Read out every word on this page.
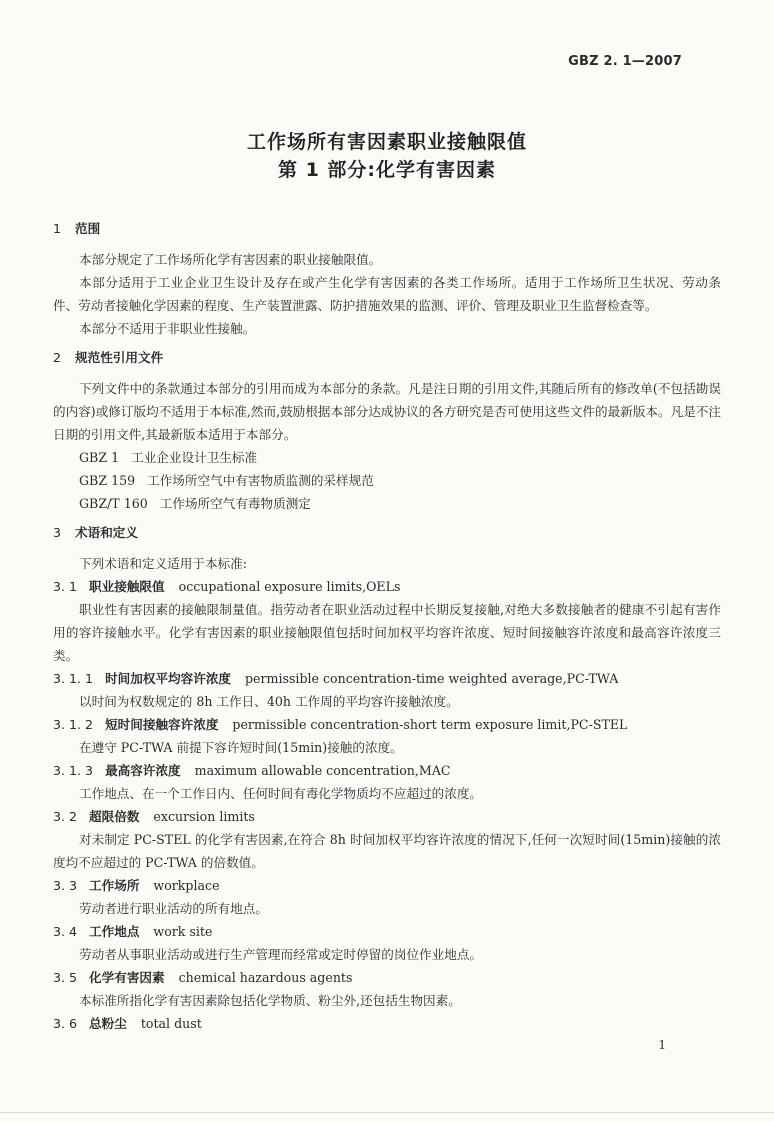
GBZ 2. 1—2007
工作场所有害因素职业接触限值
第 1 部分:化学有害因素

1 范围

本部分规定了工作场所化学有害因素的职业接触限值。

本部分适用于工业企业卫生设计及存在或产生化学有害因素的各类工作场所。适用于工作场所卫生状况、劳动条件、劳动者接触化学因素的程度、生产装置泄露、防护措施效果的监测、评价、管理及职业卫生监督检查等。

本部分不适用于非职业性接触。

2 规范性引用文件

下列文件中的条款通过本部分的引用而成为本部分的条款。凡是注日期的引用文件,其随后所有的修改单(不包括勘误的内容)或修订版均不适用于本标准,然而,鼓励根据本部分达成协议的各方研究是否可使用这些文件的最新版本。凡是不注日期的引用文件,其最新版本适用于本部分。

GBZ 1 工业企业设计卫生标准

GBZ 159 工作场所空气中有害物质监测的采样规范

GBZ/T 160 工作场所空气有毒物质测定

3 术语和定义

下列术语和定义适用于本标准:

3. 1 职业接触限值 occupational exposure limits,OELs

职业性有害因素的接触限制量值。指劳动者在职业活动过程中长期反复接触,对绝大多数接触者的健康不引起有害作用的容许接触水平。化学有害因素的职业接触限值包括时间加权平均容许浓度、短时间接触容许浓度和最高容许浓度三类。

3. 1. 1 时间加权平均容许浓度 permissible concentration-time weighted average,PC-TWA

以时间为权数规定的 8h 工作日、40h 工作周的平均容许接触浓度。

3. 1. 2 短时间接触容许浓度 permissible concentration-short term exposure limit,PC-STEL

在遵守 PC-TWA 前提下容许短时间(15min)接触的浓度。

3. 1. 3 最高容许浓度 maximum allowable concentration,MAC

工作地点、在一个工作日内、任何时间有毒化学物质均不应超过的浓度。

3. 2 超限倍数 excursion limits

对未制定 PC-STEL 的化学有害因素,在符合 8h 时间加权平均容许浓度的情况下,任何一次短时间(15min)接触的浓度均不应超过的 PC-TWA 的倍数值。

3. 3 工作场所 workplace

劳动者进行职业活动的所有地点。

3. 4 工作地点 work site

劳动者从事职业活动或进行生产管理而经常或定时停留的岗位作业地点。

3. 5 化学有害因素 chemical hazardous agents

本标准所指化学有害因素除包括化学物质、粉尘外,还包括生物因素。

3. 6 总粉尘 total dust

1
